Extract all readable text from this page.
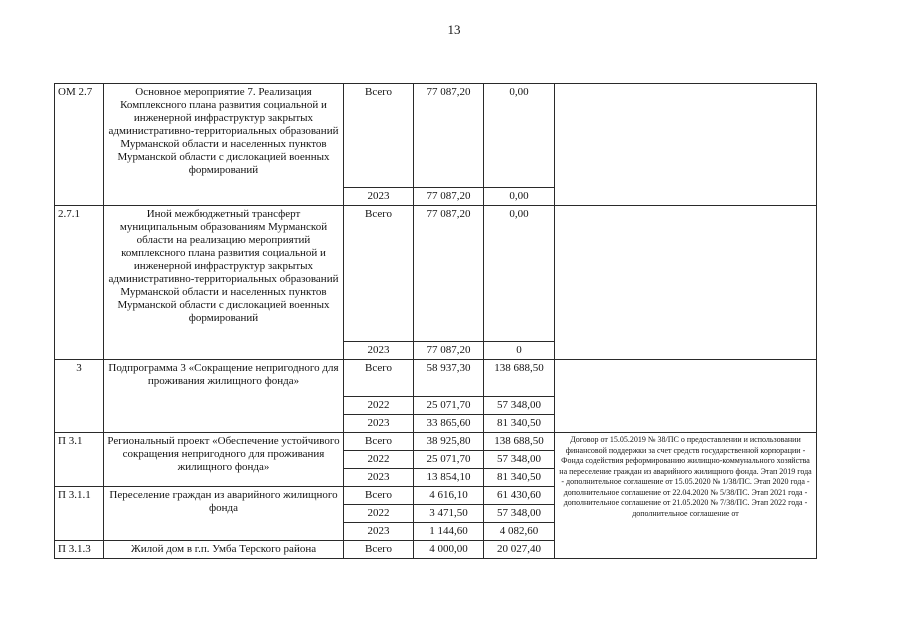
13
ОМ 2.7	Основное мероприятие 7. Реализация Комплексного плана развития социальной и инженерной инфраструктур закрытых административно-территориальных образований Мурманской области и населенных пунктов Мурманской области с дислокацией военных формирований	Всего	77 087,20	0,00	
		2023	77 087,20	0,00	
2.7.1	Иной межбюджетный трансферт муниципальным образованиям Мурманской области на реализацию мероприятий комплексного плана развития социальной и инженерной инфраструктур закрытых административно-территориальных образований Мурманской области и населенных пунктов Мурманской области с дислокацией военных формирований	Всего	77 087,20	0,00	
		2023	77 087,20	0	
3	Подпрограмма 3 «Сокращение непригодного для проживания жилищного фонда»	Всего	58 937,30	138 688,50	
		2022	25 071,70	57 348,00	
		2023	33 865,60	81 340,50	
П 3.1	Региональный проект «Обеспечение устойчивого сокращения непригодного для проживания жилищного фонда»	Всего	38 925,80	138 688,50	Договор от 15.05.2019 № 38/ПС о предоставлении и использовании финансовой поддержки за счет средств государственной корпорации - Фонда содействия реформированию жилищно-коммунального хозяйства на переселение граждан из аварийного жилищного фонда. Этап 2019 года - дополнительное соглашение от 15.05.2020 № 1/38/ПС. Этап 2020 года - дополнительное соглашение от 22.04.2020 № 5/38/ПС. Этап 2021 года - дополнительное соглашение от 21.05.2020 № 7/38/ПС. Этап 2022 года - дополнительное соглашение от
		2022	25 071,70	57 348,00	
		2023	13 854,10	81 340,50	
П 3.1.1	Переселение граждан из аварийного жилищного фонда	Всего	4 616,10	61 430,60	
		2022	3 471,50	57 348,00	
		2023	1 144,60	4 082,60	
П 3.1.3	Жилой дом в г.п. Умба Терского района	Всего	4 000,00	20 027,40	
